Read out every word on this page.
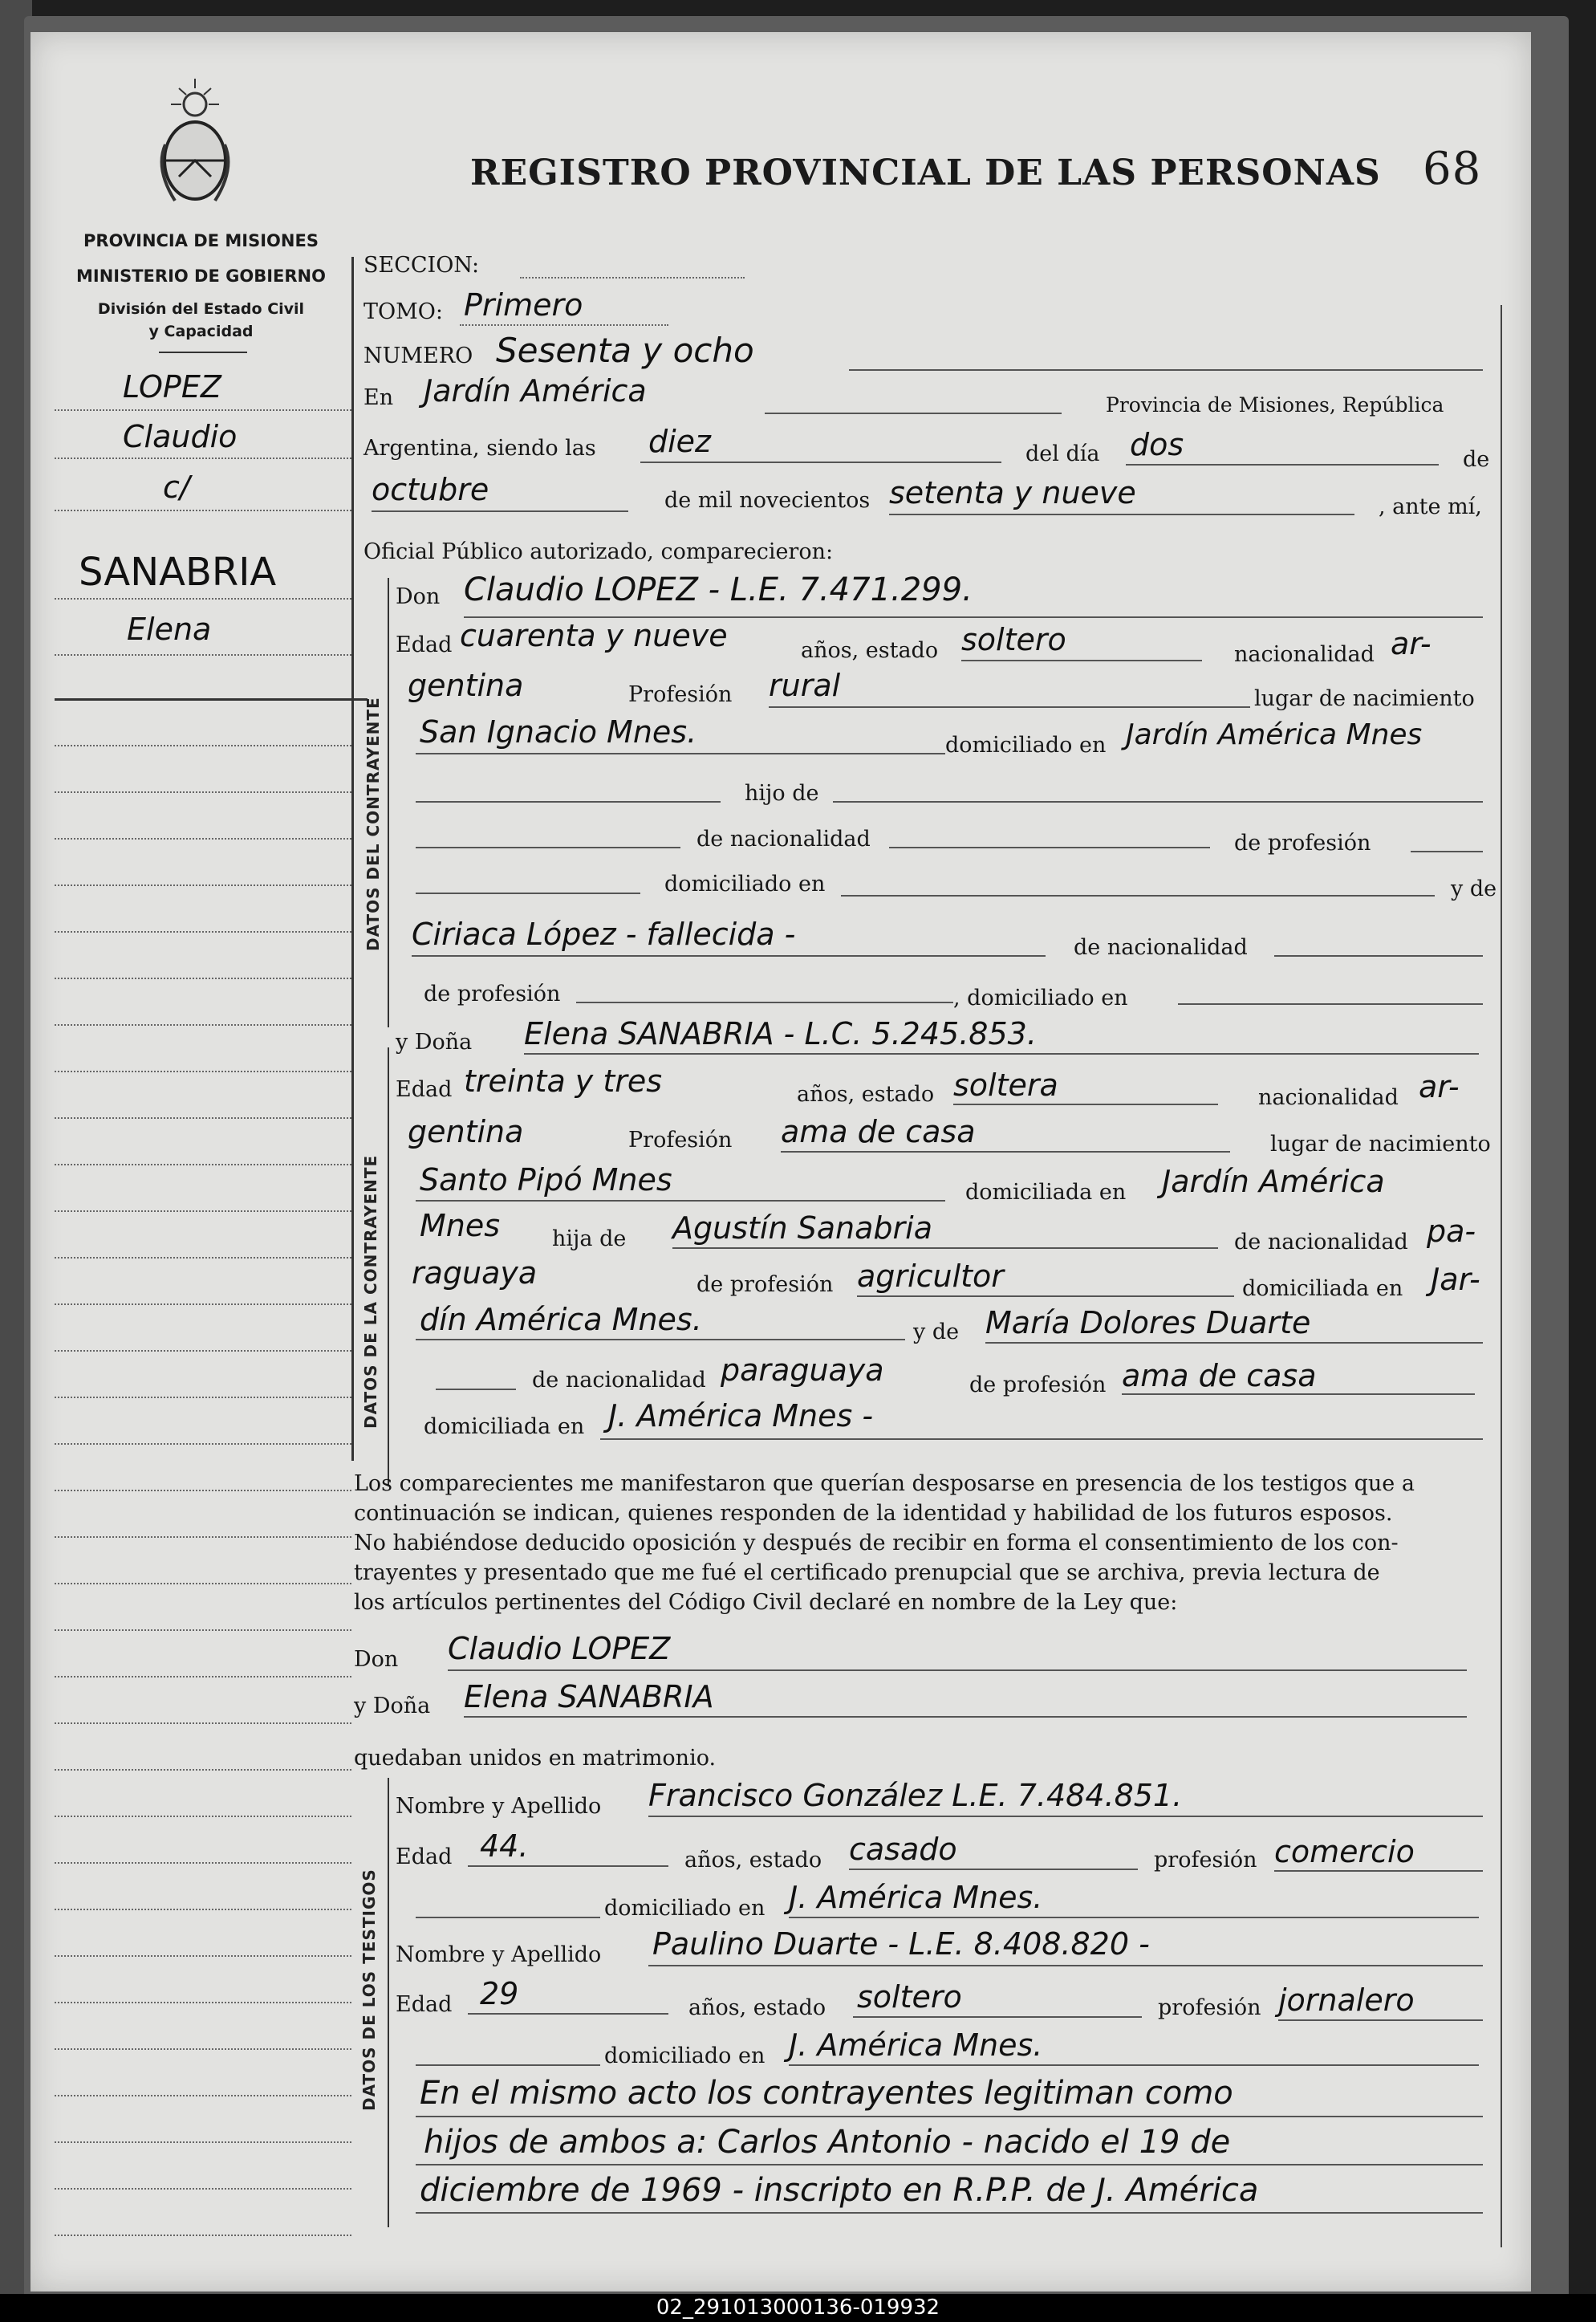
REGISTRO PROVINCIAL DE LAS PERSONAS 68
PROVINCIA DE MISIONES
MINISTERIO DE GOBIERNO
División del Estado Civil
y Capacidad
LOPEZ
Claudio
c/
SANABRIA
Elena
SECCION:
TOMO: Primero
NUMERO Sesenta y ocho
En Jardín América	Provincia de Misiones, República
Argentina, siendo las diez	del día dos	de
octubre	de mil novecientos setenta y nueve	, ante mí,
Oficial Público autorizado, comparecieron:
DATOS DEL CONTRAYENTE
Don Claudio LOPEZ - L.E. 7.471.299.
Edad cuarenta y nueve	años, estado soltero	nacionalidad ar-
gentina	Profesión rural	lugar de nacimiento
San Ignacio Mnes.	domiciliado en Jardín América Mnes
hijo de
de nacionalidad	de profesión
domiciliado en	y de
Ciriaca López - fallecida -	de nacionalidad
de profesión	, domiciliado en
DATOS DE LA CONTRAYENTE
y Doña Elena SANABRIA - L.C. 5.245.853.
Edad treinta y tres	años, estado soltera	nacionalidad ar-
gentina	Profesión ama de casa	lugar de nacimiento
Santo Pipó Mnes	domiciliada en Jardín América
Mnes hija de Agustín Sanabria	de nacionalidad pa-
raguaya	de profesión agricultor	domiciliada en Jar-
dín América Mnes.	y de María Dolores Duarte
de nacionalidad paraguaya	de profesión ama de casa
domiciliada en J. América Mnes -
Los comparecientes me manifestaron que querían desposarse en presencia de los testigos que a
continuación se indican, quienes responden de la identidad y habilidad de los futuros esposos.
No habiéndose deducido oposición y después de recibir en forma el consentimiento de los con-
trayentes y presentado que me fué el certificado prenupcial que se archiva, previa lectura de
los artículos pertinentes del Código Civil declaré en nombre de la Ley que:
Don Claudio LOPEZ
y Doña Elena SANABRIA
quedaban unidos en matrimonio.
DATOS DE LOS TESTIGOS
Nombre y Apellido Francisco González L.E. 7.484.851.
Edad 44.	años, estado casado	profesión comercio
domiciliado en J. América Mnes.
Nombre y Apellido Paulino Duarte - L.E. 8.408.820 -
Edad 29	años, estado soltero	profesión jornalero
domiciliado en J. América Mnes.
En el mismo acto los contrayentes legitiman como
hijos de ambos a: Carlos Antonio - nacido el 19 de
diciembre de 1969 - inscripto en R.P.P. de J. América
02_291013000136-019932
